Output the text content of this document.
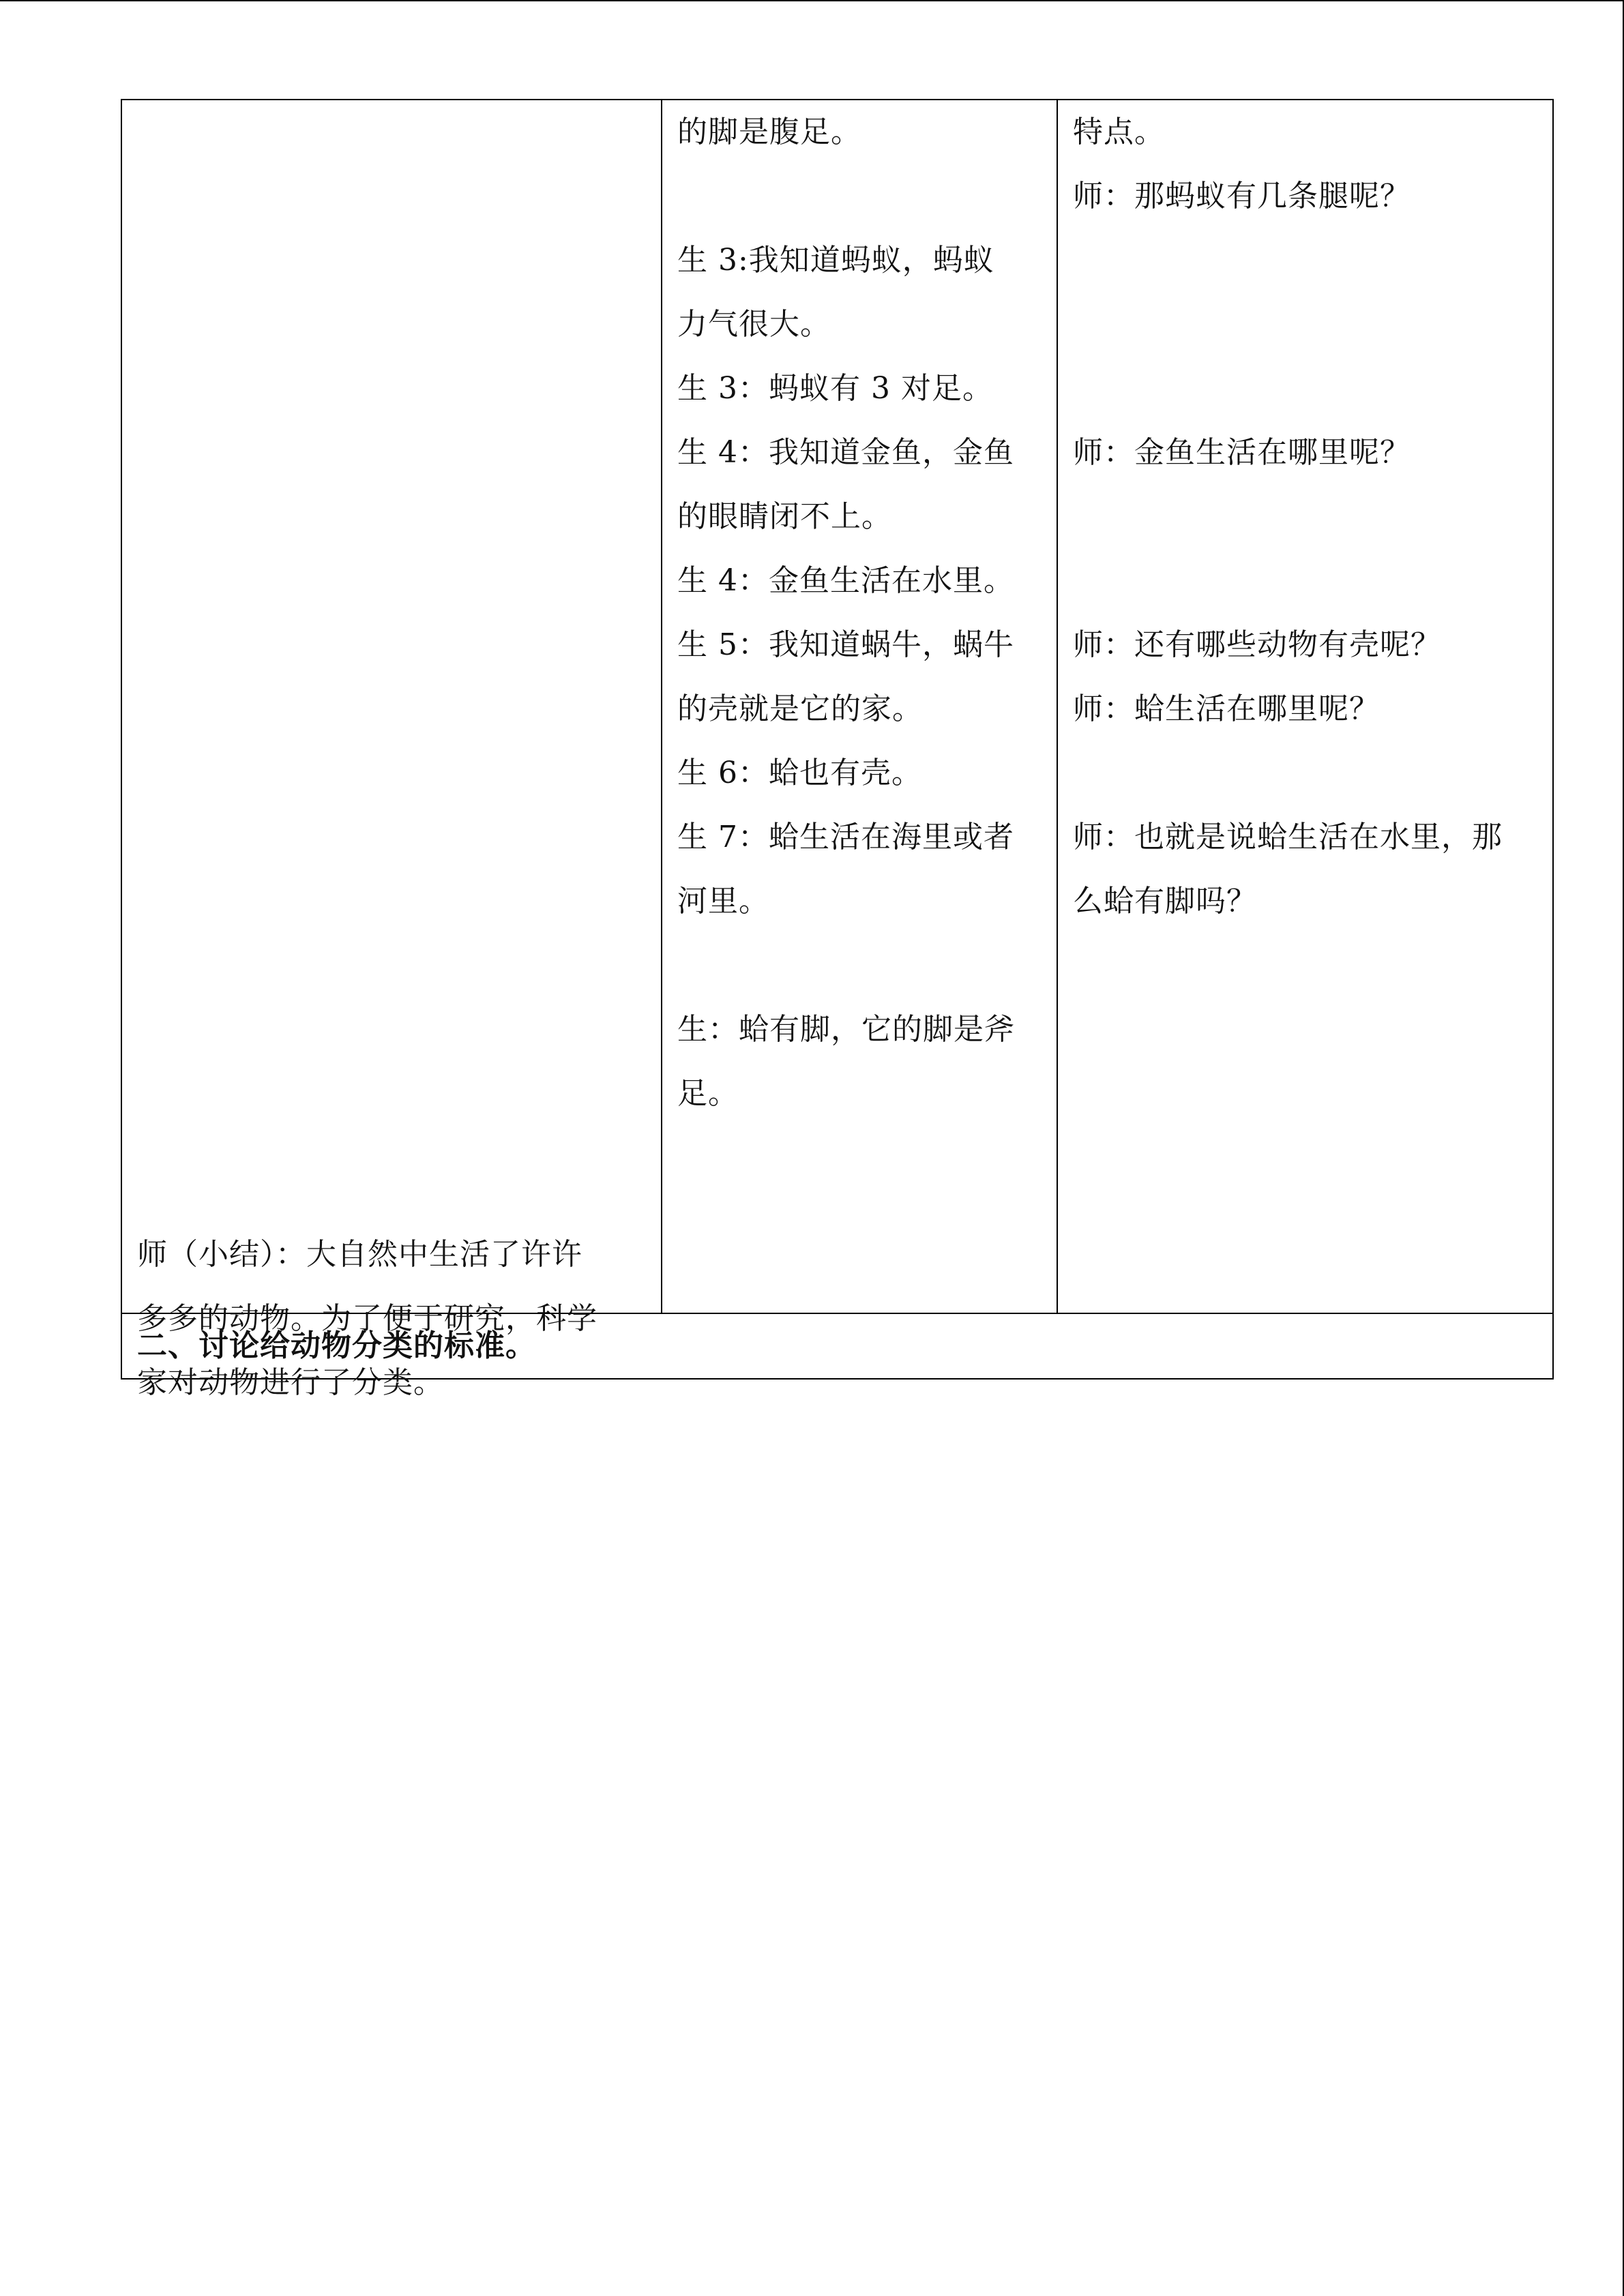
师（小结）：大自然中生活了许许
多多的动物。为了便于研究，科学
家对动物进行了分类。

的脚是腹足。
生 3:我知道蚂蚁，蚂蚁
力气很大。
生 3：蚂蚁有 3 对足。
生 4：我知道金鱼，金鱼
的眼睛闭不上。
生 4：金鱼生活在水里。
生 5：我知道蜗牛，蜗牛
的壳就是它的家。
生 6：蛤也有壳。
生 7：蛤生活在海里或者
河里。
生：蛤有脚，它的脚是斧
足。

特点。
师：那蚂蚁有几条腿呢？
师：金鱼生活在哪里呢？
师：还有哪些动物有壳呢？
师：蛤生活在哪里呢？
师：也就是说蛤生活在水里，那
么蛤有脚吗？

二、讨论给动物分类的标准。
